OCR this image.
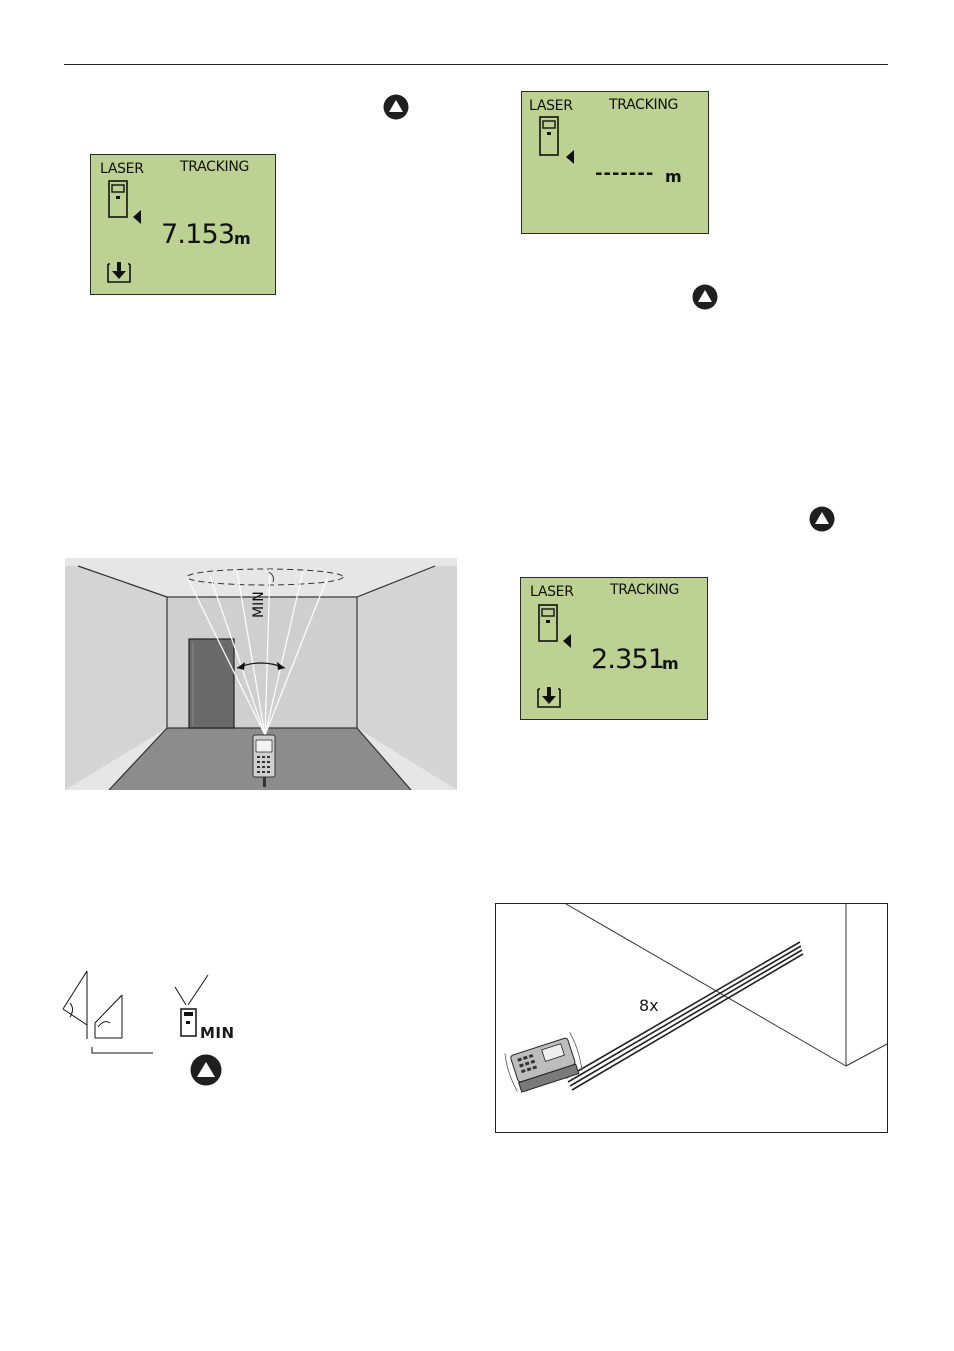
LASER	TRACKING
7.153 m
LASER	TRACKING
------- m
LASER	TRACKING
2.351
m
MIN
MIN
8x
